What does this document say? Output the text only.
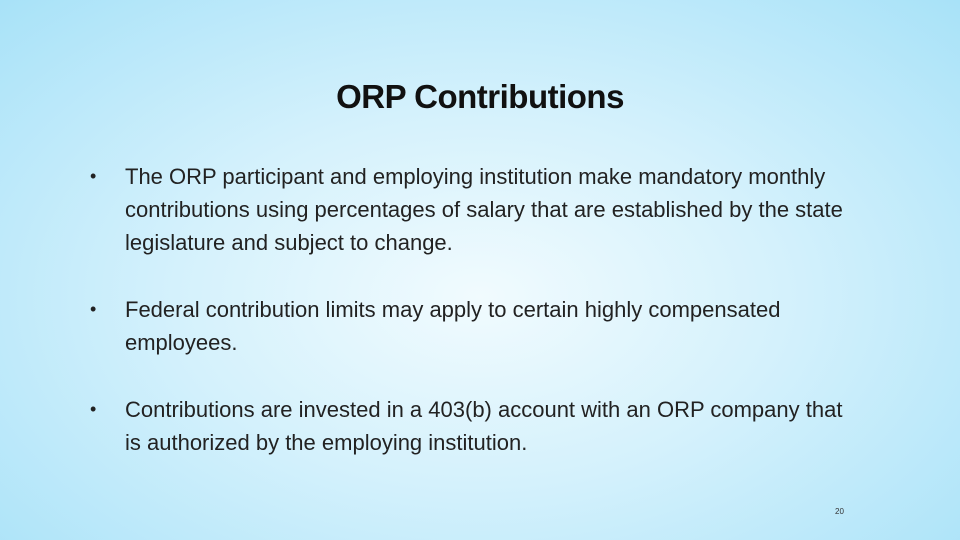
ORP Contributions
• The ORP participant and employing institution make mandatory monthly contributions using percentages of salary that are established by the state legislature and subject to change.
• Federal contribution limits may apply to certain highly compensated employees.
• Contributions are invested in a 403(b) account with an ORP company that is authorized by the employing institution.
20
